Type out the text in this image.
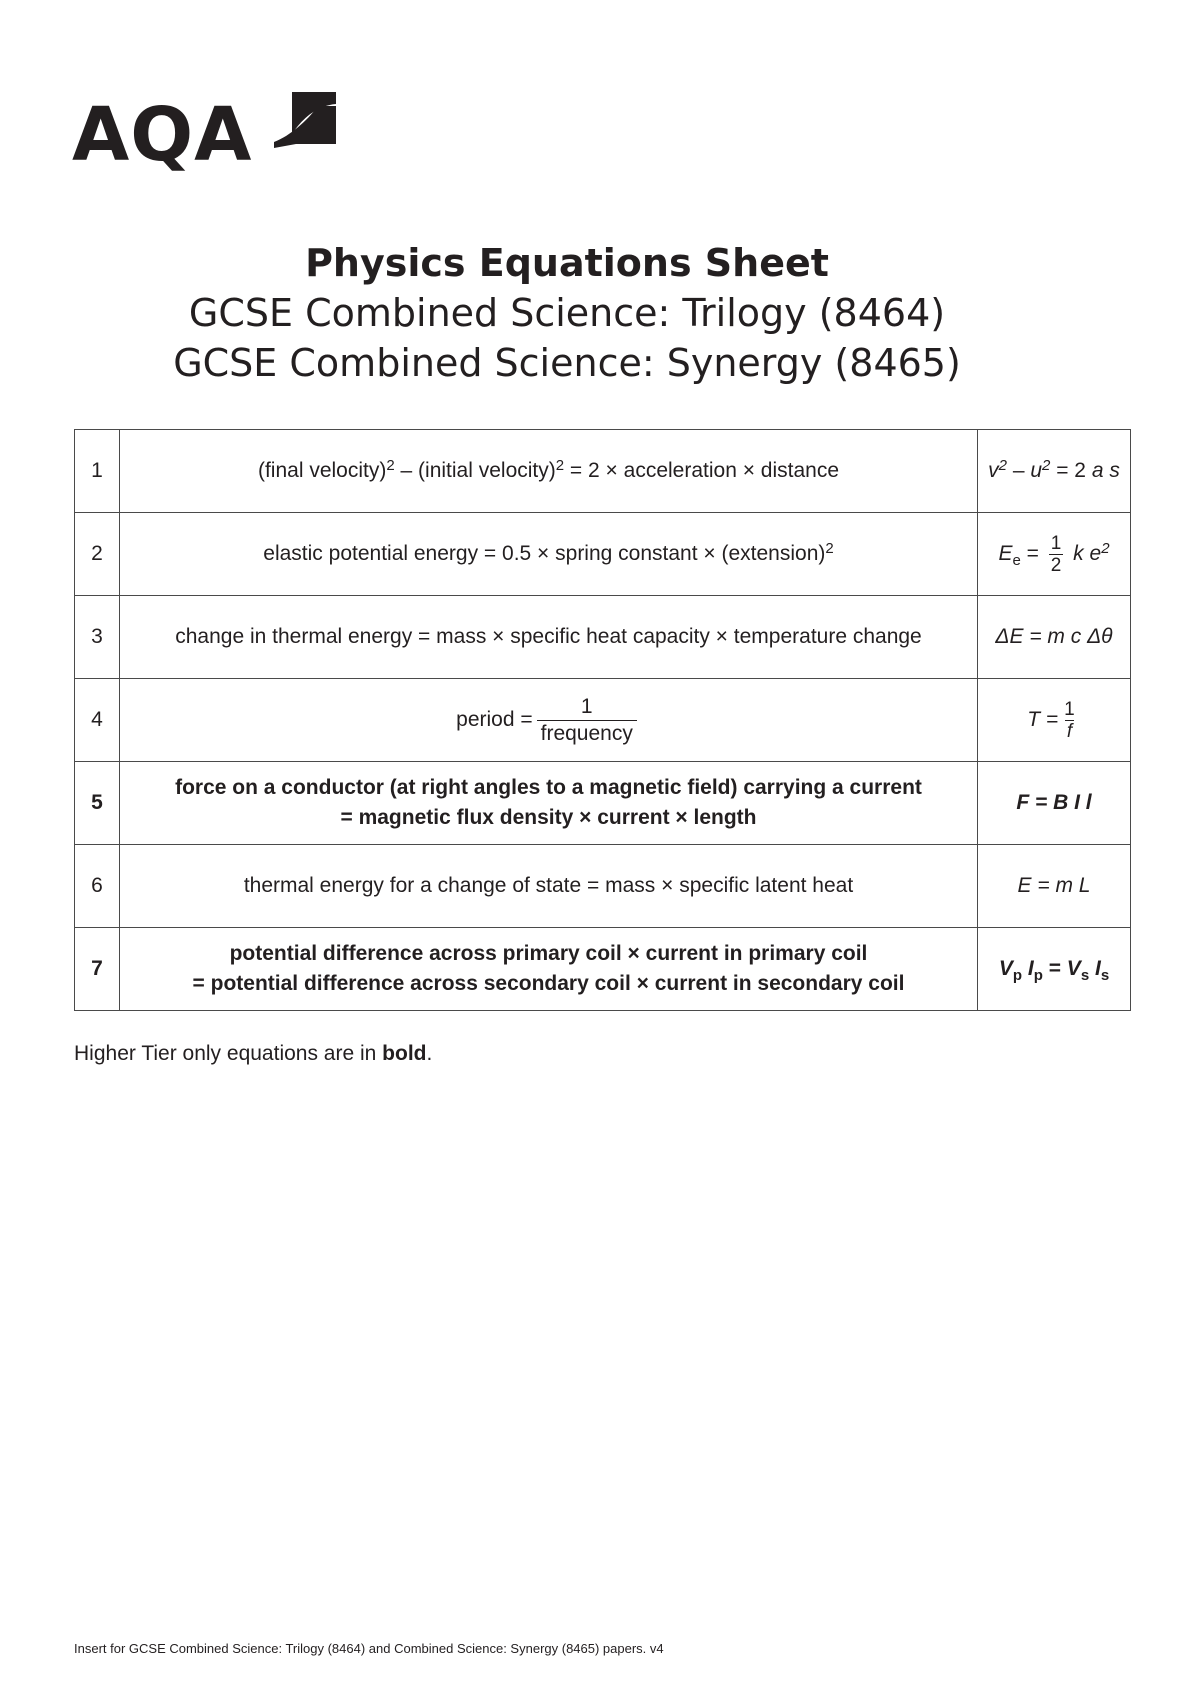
AQA
Physics Equations Sheet
GCSE Combined Science: Trilogy (8464)
GCSE Combined Science: Synergy (8465)
1	(final velocity)$^2$ – (initial velocity)$^2$ = 2 × acceleration × distance	$v^2 - u^2 = 2$ a s
2	elastic potential energy = 0.5 × spring constant × (extension)$^2$	$E_e = \frac{1}{2}$ k $e^2$
3	change in thermal energy = mass × specific heat capacity × temperature change	ΔE = m c Δθ
4	period = $\frac{1}{\text{frequency}}$	$T = \frac{1}{f}$

5	force on a conductor (at right angles to a magnetic field) carrying a current
= magnetic flux density × current × length	F = B I l
6	thermal energy for a change of state = mass × specific latent heat	E = m L
7	potential difference across primary coil × current in primary coil
= potential difference across secondary coil × current in secondary coil	$V_p$ $I_p = V_s$ $I_s$
Higher Tier only equations are in bold.
Insert for GCSE Combined Science: Trilogy (8464) and Combined Science: Synergy (8465) papers. v4
